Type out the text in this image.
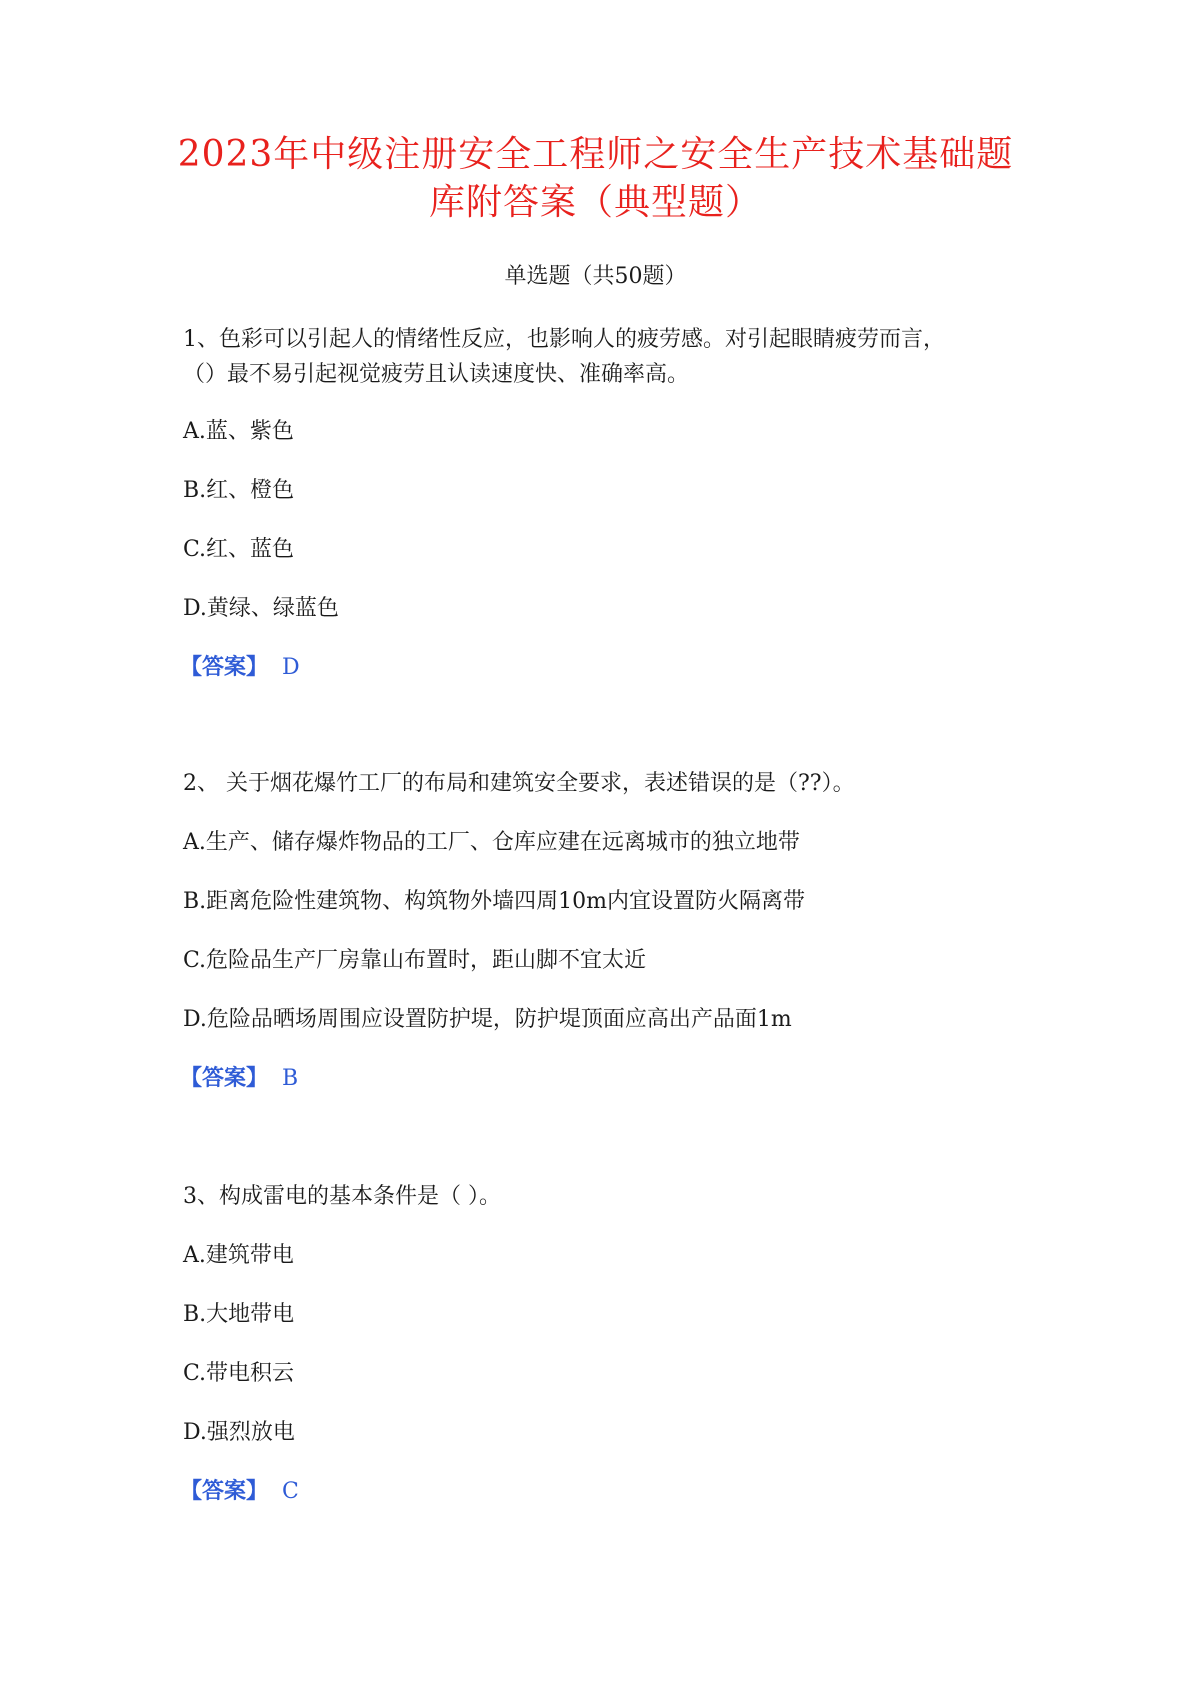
2023年中级注册安全工程师之安全生产技术基础题
库附答案（典型题）
单选题（共50题）
1、色彩可以引起人的情绪性反应，也影响人的疲劳感。对引起眼睛疲劳而言，
（）最不易引起视觉疲劳且认读速度快、准确率高。
A.蓝、紫色
B.红、橙色
C.红、蓝色
D.黄绿、绿蓝色
【答案】 D
2、 关于烟花爆竹工厂的布局和建筑安全要求，表述错误的是（??）。
A.生产、储存爆炸物品的工厂、仓库应建在远离城市的独立地带
B.距离危险性建筑物、构筑物外墙四周10m内宜设置防火隔离带
C.危险品生产厂房靠山布置时，距山脚不宜太近
D.危险品晒场周围应设置防护堤，防护堤顶面应高出产品面1m
【答案】 B
3、构成雷电的基本条件是（ ）。
A.建筑带电
B.大地带电
C.带电积云
D.强烈放电
【答案】 C
